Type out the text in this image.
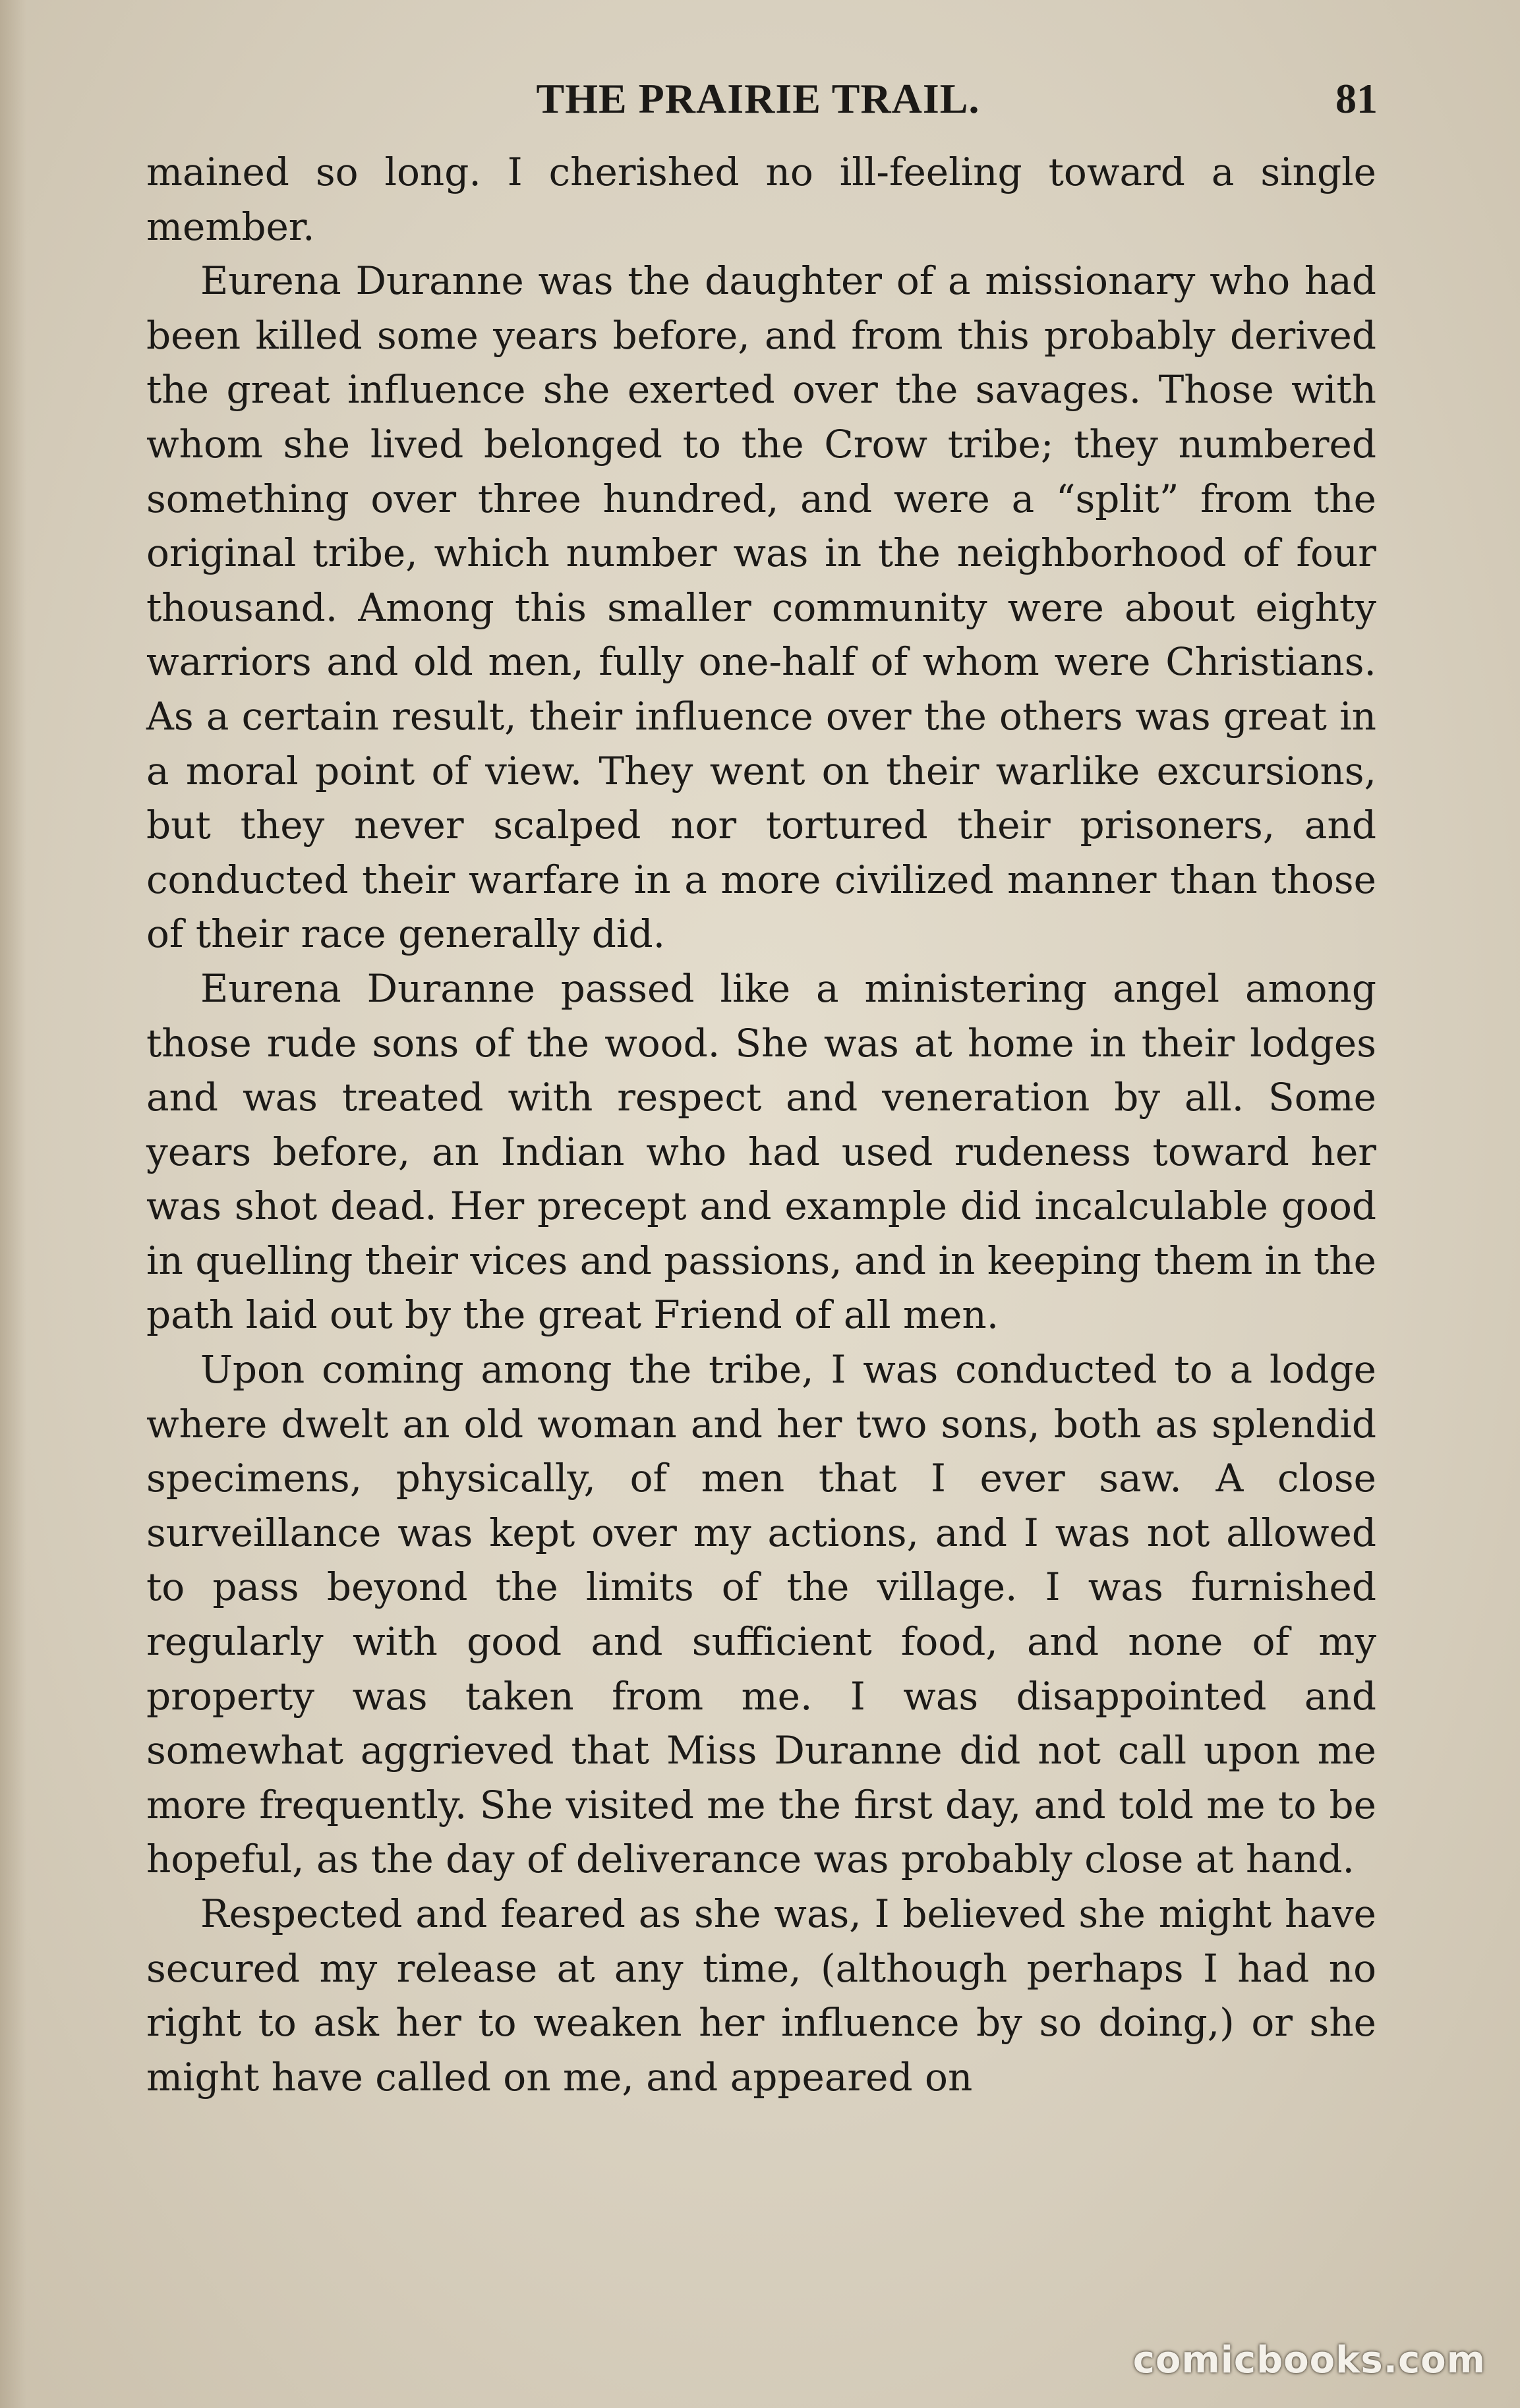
THE PRAIRIE TRAIL.	81

mained so long. I cherished no ill-feeling toward a single member.

Eurena Duranne was the daughter of a missionary who had been killed some years before, and from this probably derived the great influence she exerted over the savages. Those with whom she lived belonged to the Crow tribe; they numbered something over three hundred, and were a “split” from the original tribe, which number was in the neighborhood of four thousand. Among this smaller community were about eighty warriors and old men, fully one-half of whom were Christians. As a certain result, their influence over the others was great in a moral point of view. They went on their warlike excursions, but they never scalped nor tortured their prisoners, and conducted their warfare in a more civilized manner than those of their race generally did.

Eurena Duranne passed like a ministering angel among those rude sons of the wood. She was at home in their lodges and was treated with respect and veneration by all. Some years before, an Indian who had used rudeness toward her was shot dead. Her precept and example did incalculable good in quelling their vices and passions, and in keeping them in the path laid out by the great Friend of all men.

Upon coming among the tribe, I was conducted to a lodge where dwelt an old woman and her two sons, both as splendid specimens, physically, of men that I ever saw. A close surveillance was kept over my actions, and I was not allowed to pass beyond the limits of the village. I was furnished regularly with good and sufficient food, and none of my property was taken from me. I was disappointed and somewhat aggrieved that Miss Duranne did not call upon me more frequently. She visited me the first day, and told me to be hopeful, as the day of deliverance was probably close at hand.

Respected and feared as she was, I believed she might have secured my release at any time, (although perhaps I had no right to ask her to weaken her influence by so doing,) or she might have called on me, and appeared on

comicbooks.com
